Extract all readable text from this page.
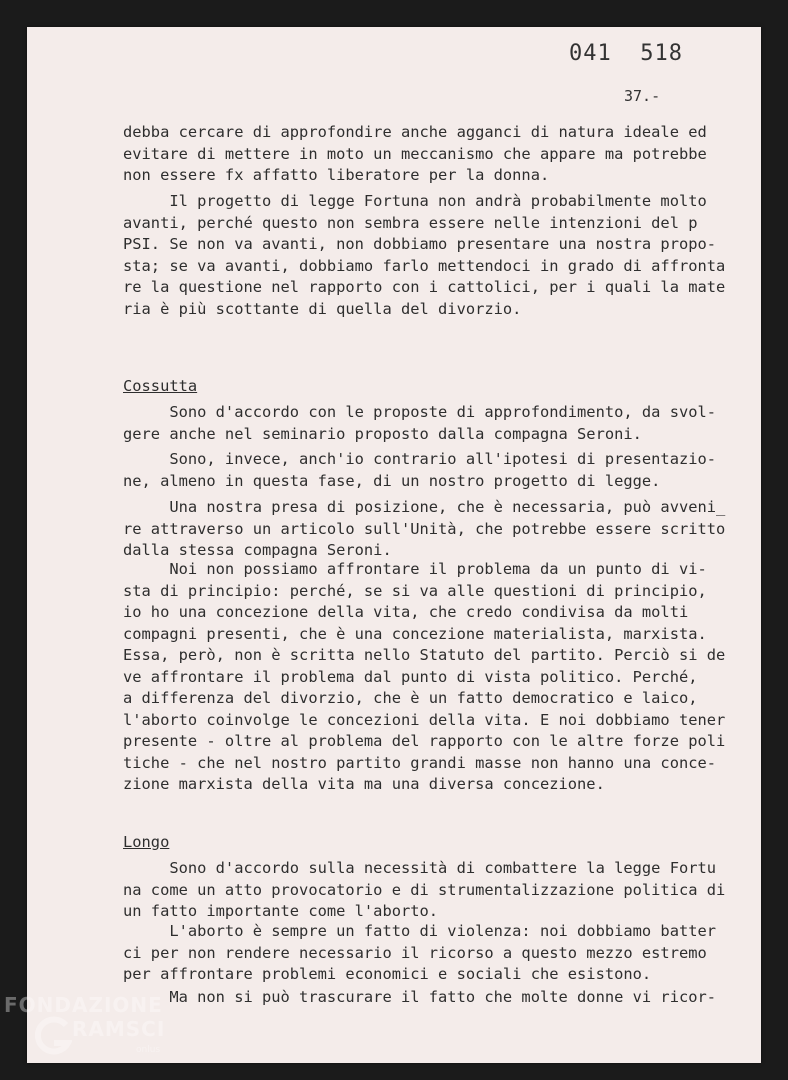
041  518
37.-

debba cercare di approfondire anche agganci di natura ideale ed
evitare di mettere in moto un meccanismo che appare ma potrebbe
non essere fx affatto liberatore per la donna.

Il progetto di legge Fortuna non andrà probabilmente molto
avanti, perché questo non sembra essere nelle intenzioni del p
PSI. Se non va avanti, non dobbiamo presentare una nostra propo-
sta; se va avanti, dobbiamo farlo mettendoci in grado di affronta
re la questione nel rapporto con i cattolici, per i quali la mate
ria è più scottante di quella del divorzio.

Cossutta

Sono d'accordo con le proposte di approfondimento, da svol-
gere anche nel seminario proposto dalla compagna Seroni.

Sono, invece, anch'io contrario all'ipotesi di presentazio-
ne, almeno in questa fase, di un nostro progetto di legge.

Una nostra presa di posizione, che è necessaria, può avveni_
re attraverso un articolo sull'Unità, che potrebbe essere scritto
dalla stessa compagna Seroni.

Noi non possiamo affrontare il problema da un punto di vi-
sta di principio: perché, se si va alle questioni di principio,
io ho una concezione della vita, che credo condivisa da molti
compagni presenti, che è una concezione materialista, marxista.
Essa, però, non è scritta nello Statuto del partito. Perciò si de
ve affrontare il problema dal punto di vista politico. Perché,
a differenza del divorzio, che è un fatto democratico e laico,
l'aborto coinvolge le concezioni della vita. E noi dobbiamo tener
presente - oltre al problema del rapporto con le altre forze poli
tiche - che nel nostro partito grandi masse non hanno una conce-
zione marxista della vita ma una diversa concezione.

Longo

Sono d'accordo sulla necessità di combattere la legge Fortu
na come un atto provocatorio e di strumentalizzazione politica di
un fatto importante come l'aborto.

L'aborto è sempre un fatto di violenza: noi dobbiamo batter
ci per non rendere necessario il ricorso a questo mezzo estremo
per affrontare problemi economici e sociali che esistono.

Ma non si può trascurare il fatto che molte donne vi ricor-

FONDAZIONE
RAMSCI
onlus
